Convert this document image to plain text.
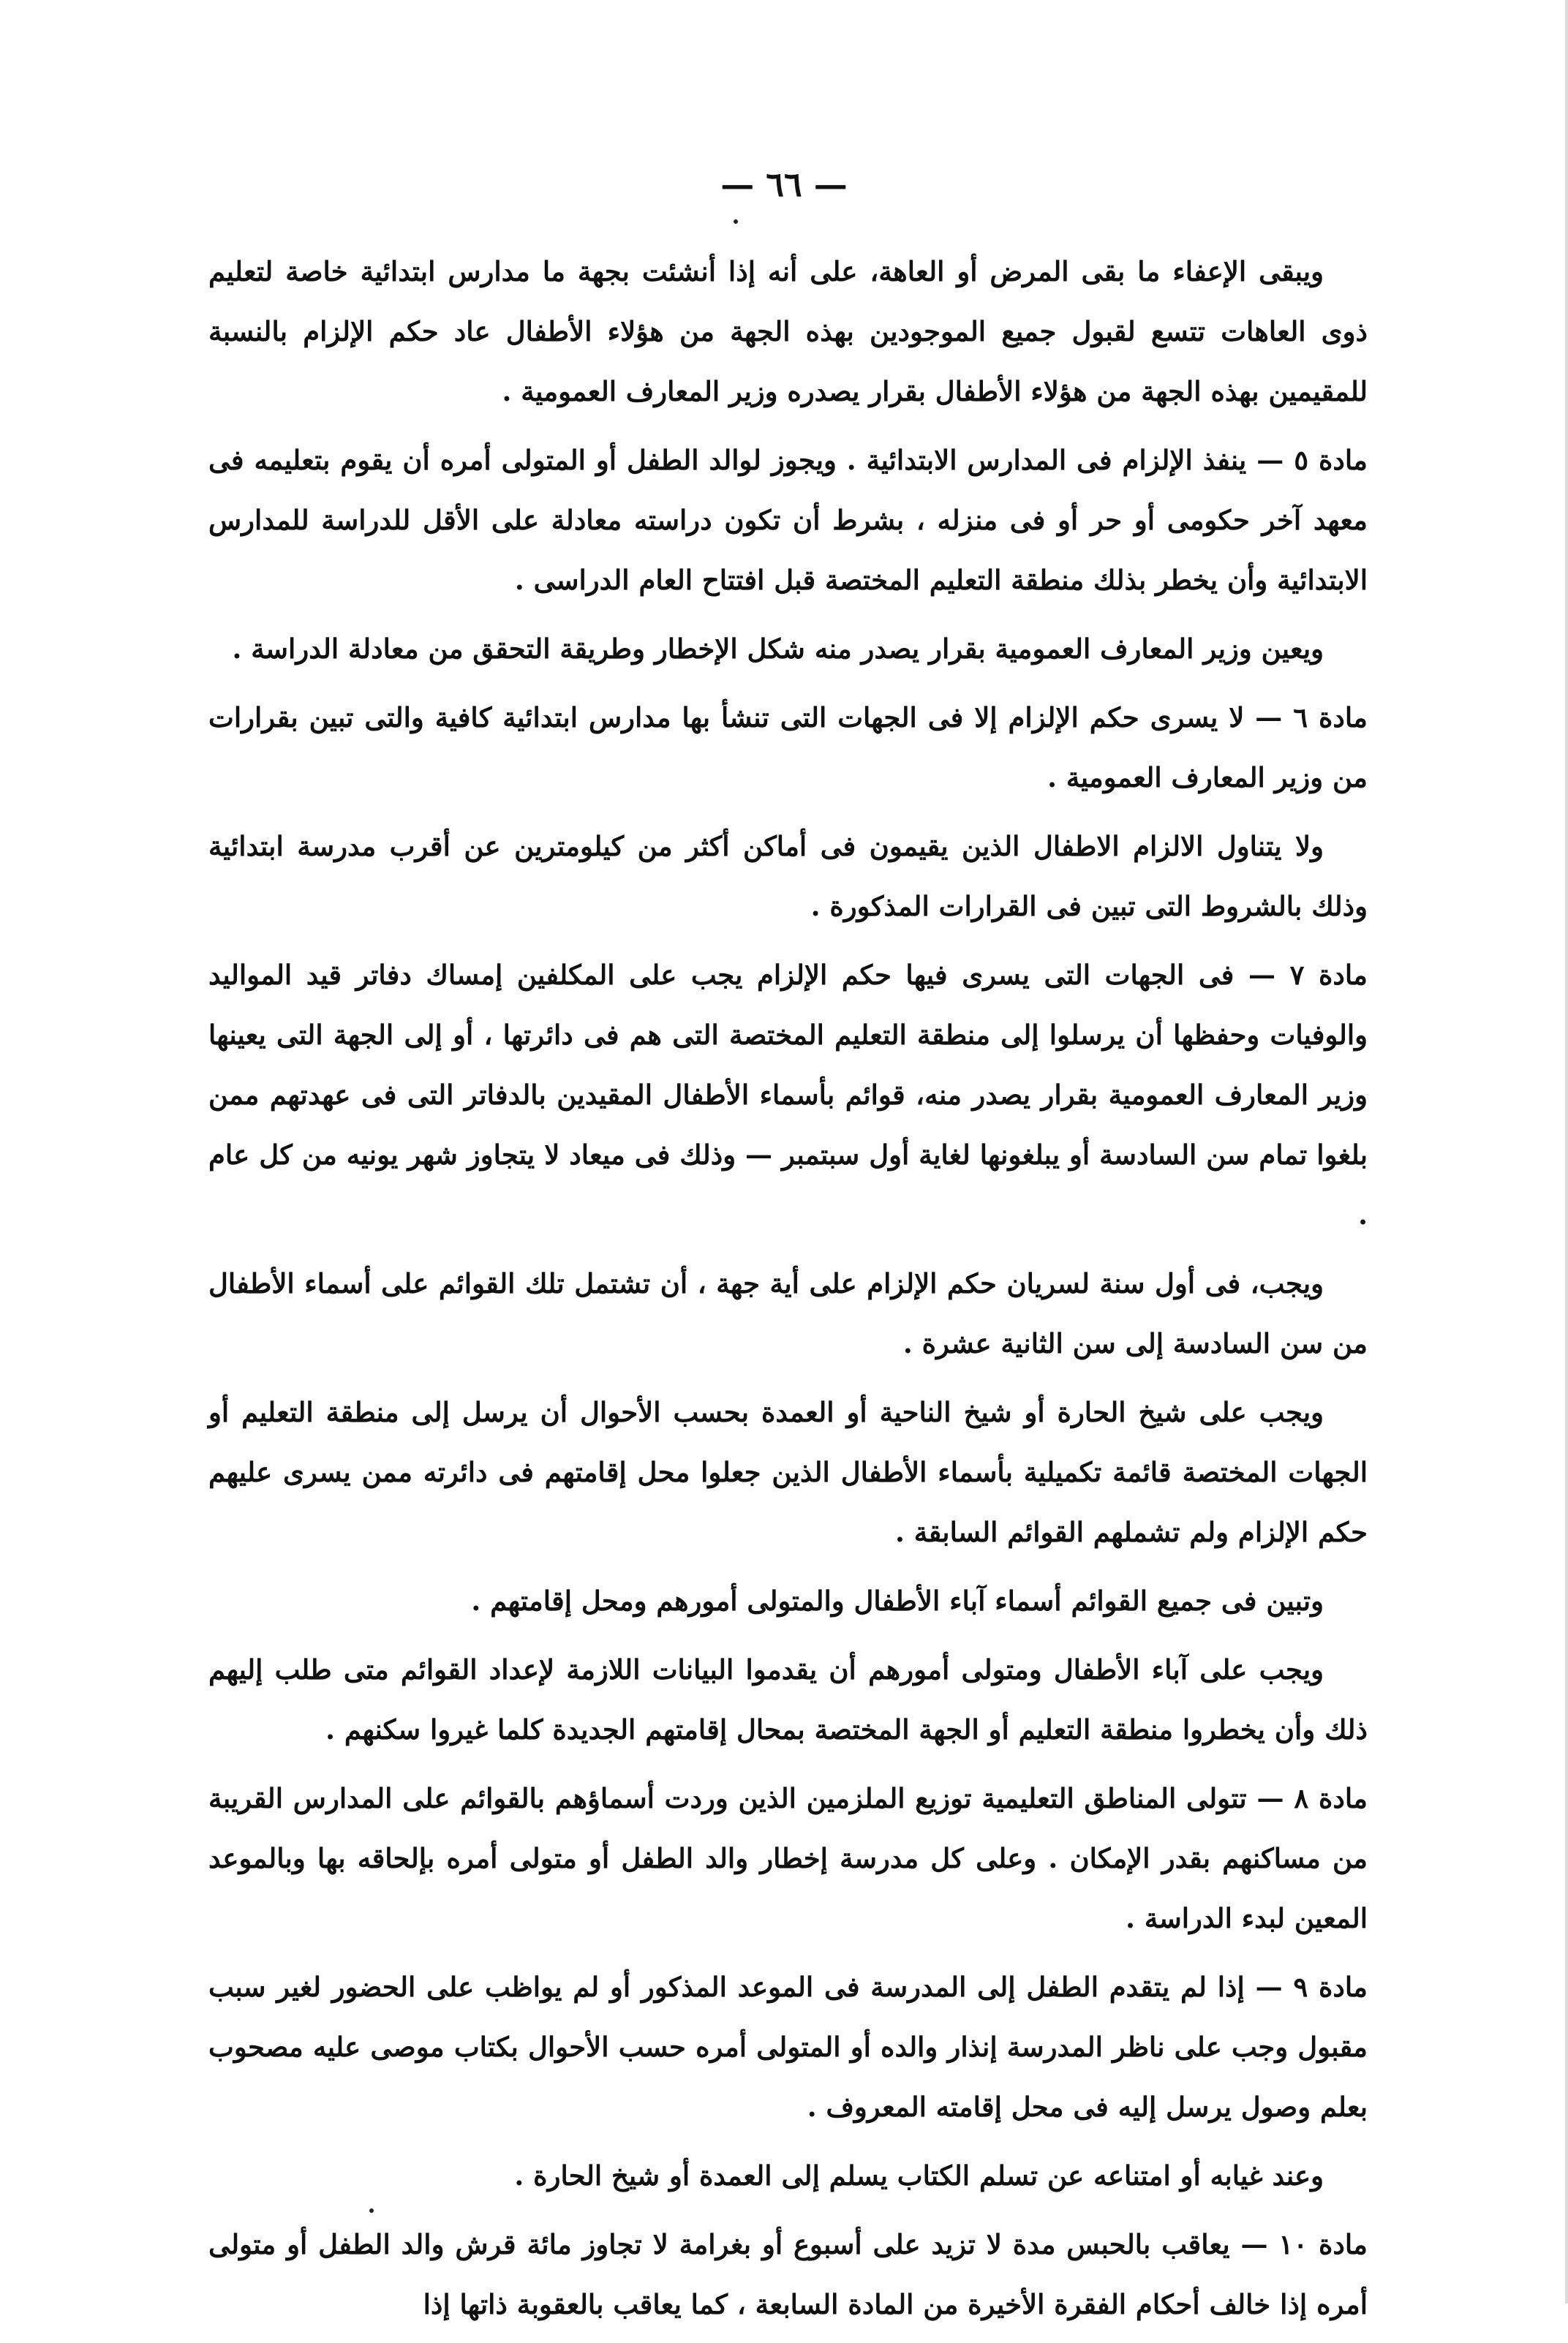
— ٦٦ —

ويبقى الإعفاء ما بقى المرض أو العاهة، على أنه إذا أنشئت بجهة ما مدارس ابتدائية خاصة لتعليم ذوى العاهات تتسع لقبول جميع الموجودين بهذه الجهة من هؤلاء الأطفال عاد حكم الإلزام بالنسبة للمقيمين بهذه الجهة من هؤلاء الأطفال بقرار يصدره وزير المعارف العمومية .

مادة ٥ — ينفذ الإلزام فى المدارس الابتدائية . ويجوز لوالد الطفل أو المتولى أمره أن يقوم بتعليمه فى معهد آخر حكومى أو حر أو فى منزله ، بشرط أن تكون دراسته معادلة على الأقل للدراسة للمدارس الابتدائية وأن يخطر بذلك منطقة التعليم المختصة قبل افتتاح العام الدراسى .

ويعين وزير المعارف العمومية بقرار يصدر منه شكل الإخطار وطريقة التحقق من معادلة الدراسة .

مادة ٦ — لا يسرى حكم الإلزام إلا فى الجهات التى تنشأ بها مدارس ابتدائية كافية والتى تبين بقرارات من وزير المعارف العمومية .

ولا يتناول الالزام الاطفال الذين يقيمون فى أماكن أكثر من كيلومترين عن أقرب مدرسة ابتدائية وذلك بالشروط التى تبين فى القرارات المذكورة .

مادة ٧ — فى الجهات التى يسرى فيها حكم الإلزام يجب على المكلفين إمساك دفاتر قيد المواليد والوفيات وحفظها أن يرسلوا إلى منطقة التعليم المختصة التى هم فى دائرتها ، أو إلى الجهة التى يعينها وزير المعارف العمومية بقرار يصدر منه، قوائم بأسماء الأطفال المقيدين بالدفاتر التى فى عهدتهم ممن بلغوا تمام سن السادسة أو يبلغونها لغاية أول سبتمبر — وذلك فى ميعاد لا يتجاوز شهر يونيه من كل عام .

ويجب، فى أول سنة لسريان حكم الإلزام على أية جهة ، أن تشتمل تلك القوائم على أسماء الأطفال من سن السادسة إلى سن الثانية عشرة .

ويجب على شيخ الحارة أو شيخ الناحية أو العمدة بحسب الأحوال أن يرسل إلى منطقة التعليم أو الجهات المختصة قائمة تكميلية بأسماء الأطفال الذين جعلوا محل إقامتهم فى دائرته ممن يسرى عليهم حكم الإلزام ولم تشملهم القوائم السابقة .

وتبين فى جميع القوائم أسماء آباء الأطفال والمتولى أمورهم ومحل إقامتهم .

ويجب على آباء الأطفال ومتولى أمورهم أن يقدموا البيانات اللازمة لإعداد القوائم متى طلب إليهم ذلك وأن يخطروا منطقة التعليم أو الجهة المختصة بمحال إقامتهم الجديدة كلما غيروا سكنهم .

مادة ٨ — تتولى المناطق التعليمية توزيع الملزمين الذين وردت أسماؤهم بالقوائم على المدارس القريبة من مساكنهم بقدر الإمكان . وعلى كل مدرسة إخطار والد الطفل أو متولى أمره بإلحاقه بها وبالموعد المعين لبدء الدراسة .

مادة ٩ — إذا لم يتقدم الطفل إلى المدرسة فى الموعد المذكور أو لم يواظب على الحضور لغير سبب مقبول وجب على ناظر المدرسة إنذار والده أو المتولى أمره حسب الأحوال بكتاب موصى عليه مصحوب بعلم وصول يرسل إليه فى محل إقامته المعروف .

وعند غيابه أو امتناعه عن تسلم الكتاب يسلم إلى العمدة أو شيخ الحارة .

مادة ١٠ — يعاقب بالحبس مدة لا تزيد على أسبوع أو بغرامة لا تجاوز مائة قرش والد الطفل أو متولى أمره إذا خالف أحكام الفقرة الأخيرة من المادة السابعة ، كما يعاقب بالعقوبة ذاتها إذا
